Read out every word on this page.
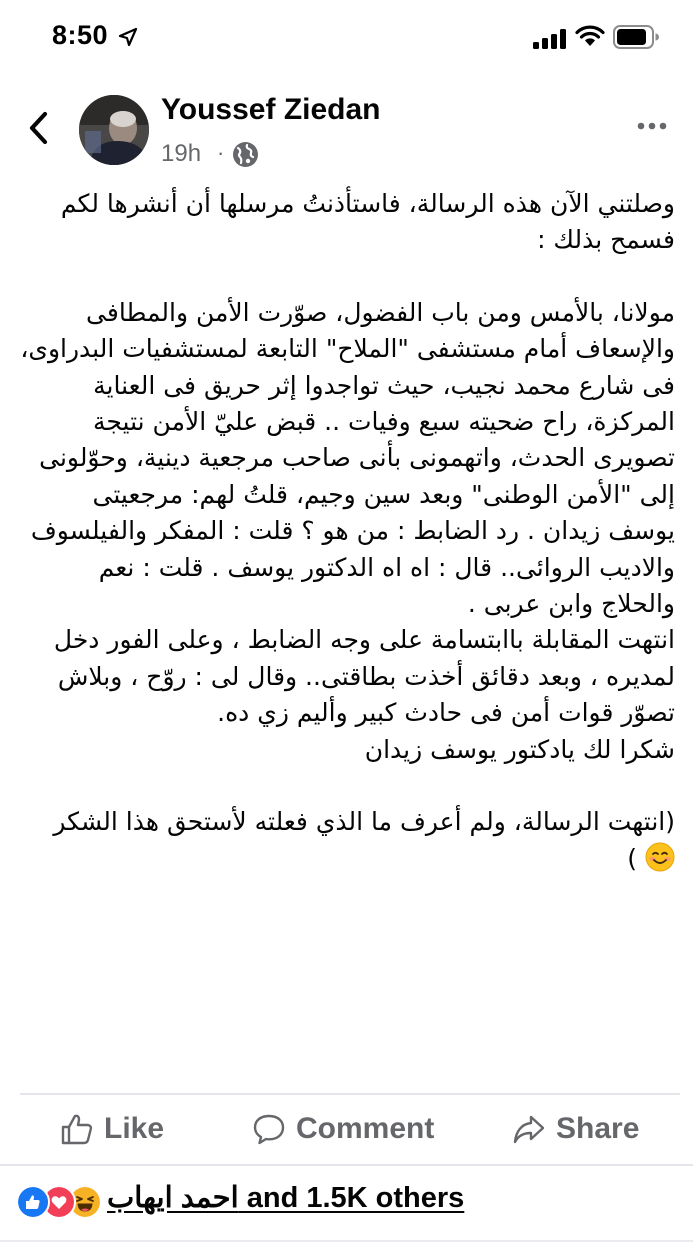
8:50
Youssef Ziedan
19h ·

وصلتني الآن هذه الرسالة، فاستأذنتُ مرسلها أن أنشرها لكم فسمح بذلك :

مولانا، بالأمس ومن باب الفضول، صوّرت الأمن والمطافى والإسعاف أمام مستشفى "الملاح" التابعة لمستشفيات البدراوى، فى شارع محمد نجيب، حيث تواجدوا إثر حريق فى العناية المركزة، راح ضحيته سبع وفيات .. قبض عليّ الأمن نتيجة تصويرى الحدث، واتهمونى بأنى صاحب مرجعية دينية، وحوّلونى إلى "الأمن الوطنى" وبعد سين وجيم، قلتُ لهم: مرجعيتى يوسف زيدان . رد الضابط : من هو ؟ قلت : المفكر والفيلسوف والاديب الروائى.. قال : اه اه الدكتور يوسف . قلت : نعم والحلاج وابن عربى .

انتهت المقابلة باابتسامة على وجه الضابط ، وعلى الفور دخل لمديره ، وبعد دقائق أخذت بطاقتى.. وقال لى : روّح ، وبلاش تصوّر قوات أمن فى حادث كبير وأليم زي ده.

شكرا لك يادكتور يوسف زيدان

(انتهت الرسالة، ولم أعرف ما الذي فعلته لأستحق هذا الشكر  )

Like	Comment	Share
احمد ايهاب and 1.5K others
